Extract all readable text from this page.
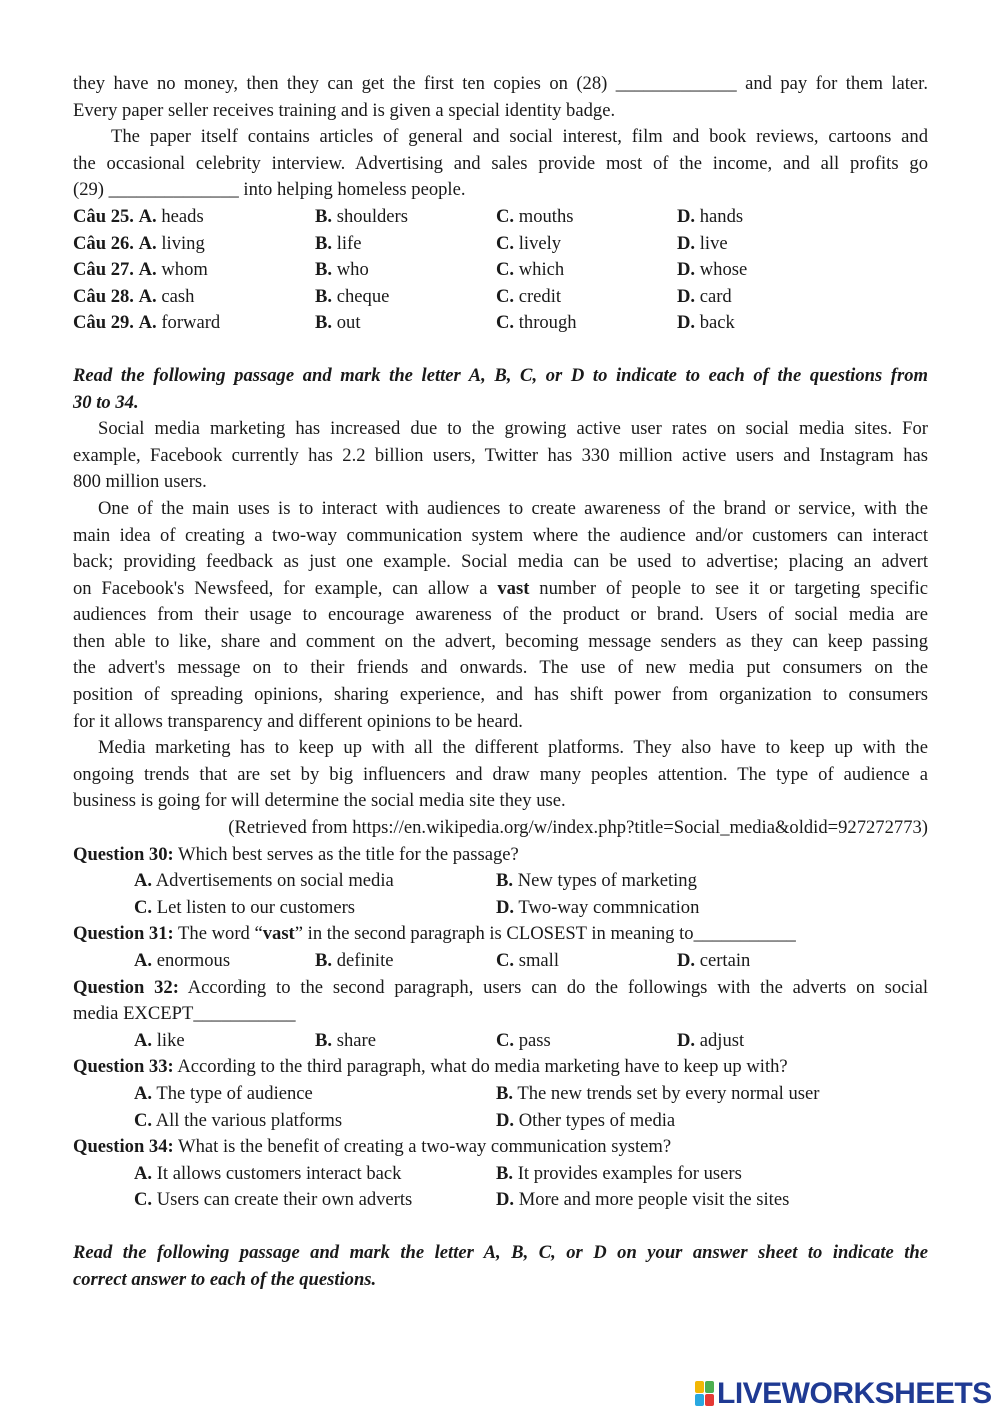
they have no money, then they can get the first ten copies on (28) _____________ and pay for them later.
Every paper seller receives training and is given a special identity badge.
The paper itself contains articles of general and social interest, film and book reviews, cartoons and
the occasional celebrity interview. Advertising and sales provide most of the income, and all profits go
(29) ______________ into helping homeless people.
Câu 25. A. heads	B. shoulders	C. mouths	D. hands
Câu 26. A. living	B. life	C. lively	D. live
Câu 27. A. whom	B. who	C. which	D. whose
Câu 28. A. cash	B. cheque	C. credit	D. card
Câu 29. A. forward	B. out	C. through	D. back
Read the following passage and mark the letter A, B, C, or D to indicate to each of the questions from
30 to 34.
Social media marketing has increased due to the growing active user rates on social media sites. For
example, Facebook currently has 2.2 billion users, Twitter has 330 million active users and Instagram has
800 million users.
One of the main uses is to interact with audiences to create awareness of the brand or service, with the
main idea of creating a two-way communication system where the audience and/or customers can interact
back; providing feedback as just one example. Social media can be used to advertise; placing an advert
on Facebook's Newsfeed, for example, can allow a vast number of people to see it or targeting specific
audiences from their usage to encourage awareness of the product or brand. Users of social media are
then able to like, share and comment on the advert, becoming message senders as they can keep passing
the advert's message on to their friends and onwards. The use of new media put consumers on the
position of spreading opinions, sharing experience, and has shift power from organization to consumers
for it allows transparency and different opinions to be heard.
Media marketing has to keep up with all the different platforms. They also have to keep up with the
ongoing trends that are set by big influencers and draw many peoples attention. The type of audience a
business is going for will determine the social media site they use.
(Retrieved from https://en.wikipedia.org/w/index.php?title=Social_media&oldid=927272773)
Question 30: Which best serves as the title for the passage?
A. Advertisements on social media	B. New types of marketing
C. Let listen to our customers	D. Two-way commnication
Question 31: The word “vast” in the second paragraph is CLOSEST in meaning to___________
A. enormous	B. definite	C. small	D. certain
Question 32: According to the second paragraph, users can do the followings with the adverts on social
media EXCEPT___________
A. like	B. share	C. pass	D. adjust
Question 33: According to the third paragraph, what do media marketing have to keep up with?
A. The type of audience	B. The new trends set by every normal user
C. All the various platforms	D. Other types of media
Question 34: What is the benefit of creating a two-way communication system?
A. It allows customers interact back	B. It provides examples for users
C. Users can create their own adverts	D. More and more people visit the sites
Read the following passage and mark the letter A, B, C, or D on your answer sheet to indicate the
correct answer to each of the questions.
LIVEWORKSHEETS
